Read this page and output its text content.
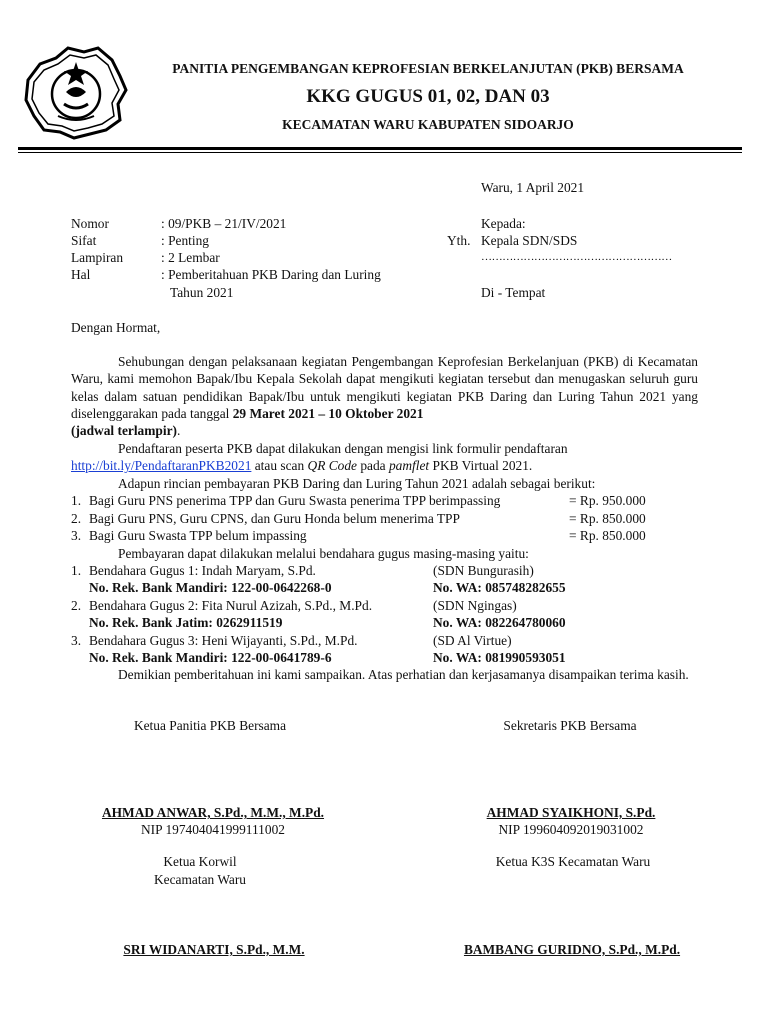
PANITIA PENGEMBANGAN KEPROFESIAN BERKELANJUTAN (PKB) BERSAMA
KKG GUGUS 01, 02, DAN 03
KECAMATAN WARU KABUPATEN SIDOARJO
Waru, 1 April 2021
Nomor	: 09/PKB – 21/IV/2021
Sifat	: Penting
Lampiran	: 2 Lembar
Hal	: Pemberitahuan PKB Daring dan Luring
Tahun 2021
Kepada:
Yth. Kepala SDN/SDS
………………………………………………
Di - Tempat
Dengan Hormat,
Sehubungan dengan pelaksanaan kegiatan Pengembangan Keprofesian Berkelanjuan (PKB) di Kecamatan Waru, kami memohon Bapak/Ibu Kepala Sekolah dapat mengikuti kegiatan tersebut dan menugaskan seluruh guru kelas dalam satuan pendidikan Bapak/Ibu untuk mengikuti kegiatan PKB Daring dan Luring Tahun 2021 yang diselenggarakan pada tanggal 29 Maret 2021 – 10 Oktober 2021
(jadwal terlampir).
Pendaftaran peserta PKB dapat dilakukan dengan mengisi link formulir pendaftaran
http://bit.ly/PendaftaranPKB2021 atau scan QR Code pada pamflet PKB Virtual 2021.
Adapun rincian pembayaran PKB Daring dan Luring Tahun 2021 adalah sebagai berikut:
1. Bagi Guru PNS penerima TPP dan Guru Swasta penerima TPP berimpassing	= Rp. 950.000
2. Bagi Guru PNS, Guru CPNS, dan Guru Honda belum menerima TPP	= Rp. 850.000
3. Bagi Guru Swasta TPP belum impassing	= Rp. 850.000
Pembayaran dapat dilakukan melalui bendahara gugus masing-masing yaitu:
1. Bendahara Gugus 1: Indah Maryam, S.Pd.	(SDN Bungurasih)
No. Rek. Bank Mandiri: 122-00-0642268-0	No. WA: 085748282655
2. Bendahara Gugus 2: Fita Nurul Azizah, S.Pd., M.Pd.	(SDN Ngingas)
No. Rek. Bank Jatim: 0262911519	No. WA: 082264780060
3. Bendahara Gugus 3: Heni Wijayanti, S.Pd., M.Pd.	(SD Al Virtue)
No. Rek. Bank Mandiri: 122-00-0641789-6	No. WA: 081990593051
Demikian pemberitahuan ini kami sampaikan. Atas perhatian dan kerjasamanya disampaikan terima kasih.
Ketua Panitia PKB Bersama	Sekretaris PKB Bersama
AHMAD ANWAR, S.Pd., M.M., M.Pd.
NIP 197404041999111002
AHMAD SYAIKHONI, S.Pd.
NIP 199604092019031002
Ketua Korwil
Kecamatan Waru
Ketua K3S Kecamatan Waru
SRI WIDANARTI, S.Pd., M.M.	BAMBANG GURIDNO, S.Pd., M.Pd.
